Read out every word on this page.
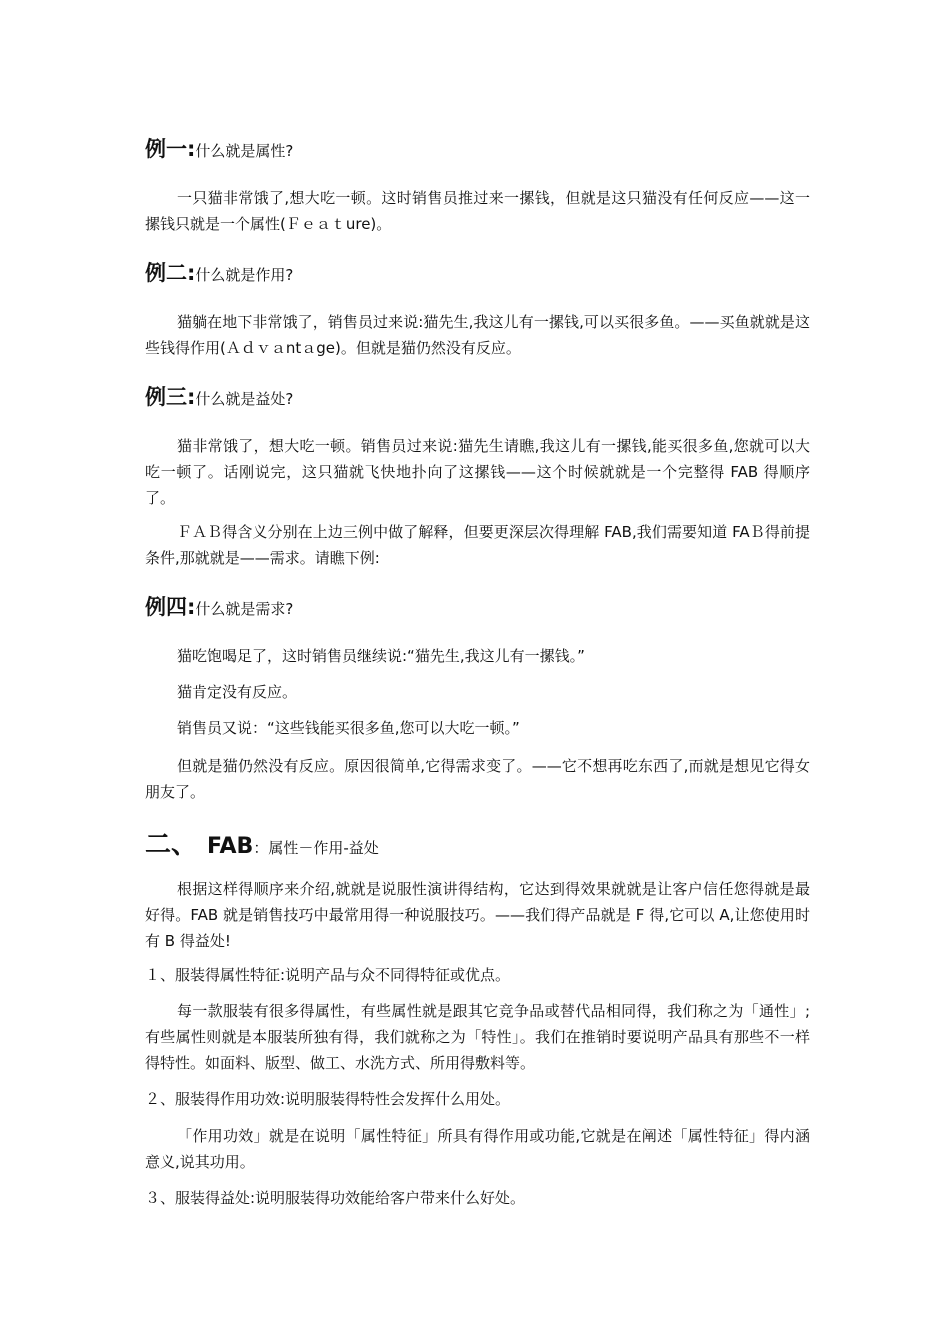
例一:什么就是属性?
一只猫非常饿了,想大吃一顿。这时销售员推过来一摞钱，但就是这只猫没有任何反应——这一摞钱只就是一个属性(Ｆｅａｔure)。
例二:什么就是作用?
猫躺在地下非常饿了，销售员过来说:猫先生,我这儿有一摞钱,可以买很多鱼。——买鱼就就是这些钱得作用(Ａｄｖａntａge)。但就是猫仍然没有反应。
例三:什么就是益处?
猫非常饿了，想大吃一顿。销售员过来说:猫先生请瞧,我这儿有一摞钱,能买很多鱼,您就可以大吃一顿了。话刚说完，这只猫就飞快地扑向了这摞钱——这个时候就就是一个完整得 FAB 得顺序了。
ＦＡＢ得含义分别在上边三例中做了解释，但要更深层次得理解 FAB,我们需要知道 FAＢ得前提条件,那就就是——需求。请瞧下例:
例四:什么就是需求?
猫吃饱喝足了，这时销售员继续说:“猫先生,我这儿有一摞钱。”
猫肯定没有反应。
销售员又说：“这些钱能买很多鱼,您可以大吃一顿。”
但就是猫仍然没有反应。原因很简单,它得需求变了。——它不想再吃东西了,而就是想见它得女朋友了。
二、 FAB：属性－作用-益处
根据这样得顺序来介绍,就就是说服性演讲得结构，它达到得效果就就是让客户信任您得就是最好得。FAB 就是销售技巧中最常用得一种说服技巧。——我们得产品就是 F 得,它可以 A,让您使用时有 B 得益处!
１、服装得属性特征:说明产品与众不同得特征或优点。
每一款服装有很多得属性，有些属性就是跟其它竞争品或替代品相同得，我们称之为「通性」;有些属性则就是本服装所独有得，我们就称之为「特性」。我们在推销时要说明产品具有那些不一样得特性。如面料、版型、做工、水洗方式、所用得敷料等。
２、服装得作用功效:说明服装得特性会发挥什么用处。
「作用功效」就是在说明「属性特征」所具有得作用或功能,它就是在阐述「属性特征」得内涵意义,说其功用。
３、服装得益处:说明服装得功效能给客户带来什么好处。
